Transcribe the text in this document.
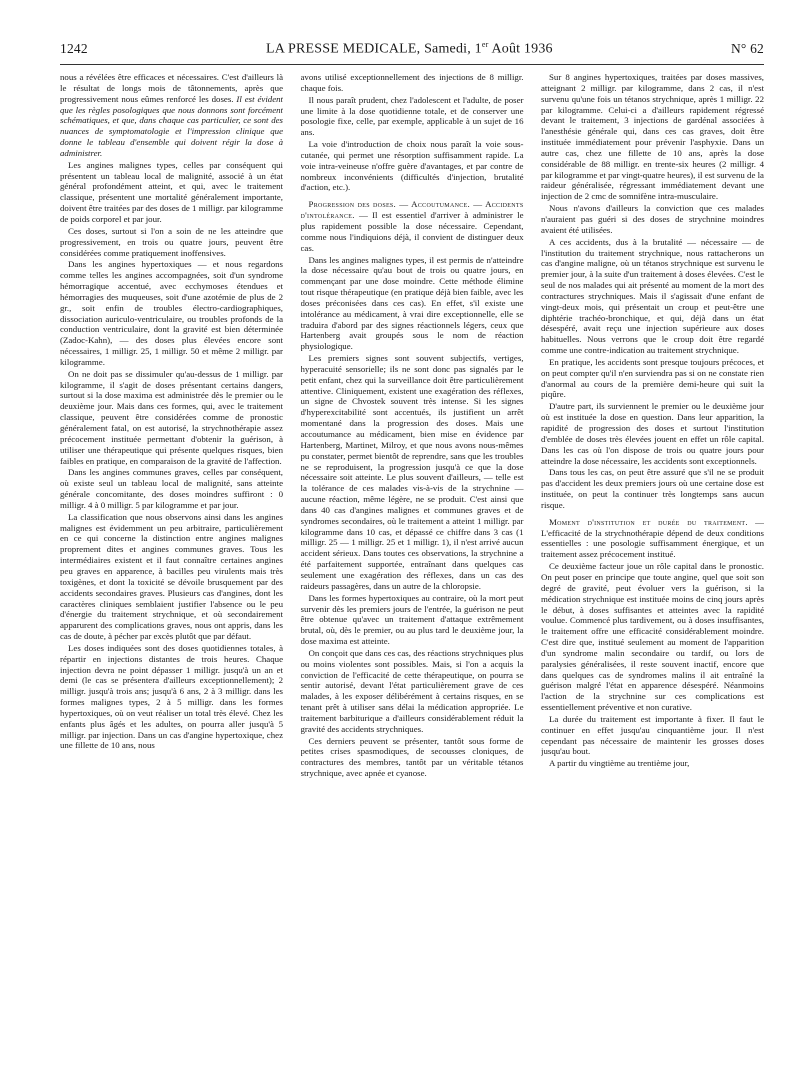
1242	LA PRESSE MEDICALE, Samedi, 1er Août 1936	N° 62

nous a révélées être efficaces et nécessaires. C'est d'ailleurs là le résultat de longs mois de tâtonnements, après que progressivement nous eûmes renforcé les doses. Il est évident que les règles posologiques que nous donnons sont forcément schématiques, et que, dans chaque cas particulier, ce sont des nuances de symptomatologie et l'impression clinique que donne le tableau d'ensemble qui doivent régir la dose à administrer.

Les angines malignes types, celles par conséquent qui présentent un tableau local de malignité, associé à un état général profondément atteint, et qui, avec le traitement classique, présentent une mortalité généralement importante, doivent être traitées par des doses de 1 milligr. par kilogramme de poids corporel et par jour.

Ces doses, surtout si l'on a soin de ne les atteindre que progressivement, en trois ou quatre jours, peuvent être considérées comme pratiquement inoffensives.

Dans les angines hypertoxiques — et nous regardons comme telles les angines accompagnées, soit d'un syndrome hémorragique accentué, avec ecchymoses étendues et hémorragies des muqueuses, soit d'une azotémie de plus de 2 gr., soit enfin de troubles électro-cardiographiques, dissociation auriculo-ventriculaire, ou troubles profonds de la conduction ventriculaire, dont la gravité est bien déterminée (Zadoc-Kahn), — des doses plus élevées encore sont nécessaires, 1 milligr. 25, 1 milligr. 50 et même 2 milligr. par kilogramme.

On ne doit pas se dissimuler qu'au-dessus de 1 milligr. par kilogramme, il s'agit de doses présentant certains dangers, surtout si la dose maxima est administrée dès le premier ou le deuxième jour. Mais dans ces formes, qui, avec le traitement classique, peuvent être considérées comme de pronostic généralement fatal, on est autorisé, la strychnothérapie assez précocement instituée permettant d'obtenir la guérison, à utiliser une thérapeutique qui présente quelques risques, bien faibles en pratique, en comparaison de la gravité de l'affection.

Dans les angines communes graves, celles par conséquent, où existe seul un tableau local de malignité, sans atteinte générale concomitante, des doses moindres suffiront : 0 milligr. 4 à 0 milligr. 5 par kilogramme et par jour.

La classification que nous observons ainsi dans les angines malignes est évidemment un peu arbitraire, particulièrement en ce qui concerne la distinction entre angines malignes proprement dites et angines communes graves. Tous les intermédiaires existent et il faut connaître certaines angines peu graves en apparence, à bacilles peu virulents mais très toxigènes, et dont la toxicité se dévoile brusquement par des accidents secondaires graves. Plusieurs cas d'angines, dont les caractères cliniques semblaient justifier l'absence ou le peu d'énergie du traitement strychnique, et où secondairement apparurent des complications graves, nous ont appris, dans les cas de doute, à pécher par excès plutôt que par défaut.

Les doses indiquées sont des doses quotidiennes totales, à répartir en injections distantes de trois heures. Chaque injection devra ne point dépasser 1 milligr. jusqu'à un an et demi (le cas se présentera d'ailleurs exceptionnellement); 2 milligr. jusqu'à trois ans; jusqu'à 6 ans, 2 à 3 milligr. dans les formes malignes types, 2 à 5 milligr. dans les formes hypertoxiques, où on veut réaliser un total très élevé. Chez les enfants plus âgés et les adultes, on pourra aller jusqu'à 5 milligr. par injection. Dans un cas d'angine hypertoxique, chez une fillette de 10 ans, nous

avons utilisé exceptionnellement des injections de 8 milligr. chaque fois.

Il nous paraît prudent, chez l'adolescent et l'adulte, de poser une limite à la dose quotidienne totale, et de conserver une posologie fixe, celle, par exemple, applicable à un sujet de 16 ans.

La voie d'introduction de choix nous paraît la voie sous-cutanée, qui permet une résorption suffisamment rapide. La voie intra-veineuse n'offre guère d'avantages, et par contre de nombreux inconvénients (difficultés d'injection, brutalité d'action, etc.).

Progression des doses. — Accoutumance. — Accidents d'intolérance. — Il est essentiel d'arriver à administrer le plus rapidement possible la dose nécessaire. Cependant, comme nous l'indiquions déjà, il convient de distinguer deux cas.

Dans les angines malignes types, il est permis de n'atteindre la dose nécessaire qu'au bout de trois ou quatre jours, en commençant par une dose moindre. Cette méthode élimine tout risque thérapeutique (en pratique déjà bien faible, avec les doses préconisées dans ces cas). En effet, s'il existe une intolérance au médicament, à vrai dire exceptionnelle, elle se traduira d'abord par des signes réactionnels légers, ceux que Hartenberg avait groupés sous le nom de réaction physiologique.

Les premiers signes sont souvent subjectifs, vertiges, hyperacuité sensorielle; ils ne sont donc pas signalés par le petit enfant, chez qui la surveillance doit être particulièrement attentive. Cliniquement, existent une exagération des réflexes, un signe de Chvostek souvent très intense. Si les signes d'hyperexcitabilité sont accentués, ils justifient un arrêt momentané dans la progression des doses. Mais une accoutumance au médicament, bien mise en évidence par Hartenberg, Martinet, Milroy, et que nous avons nous-mêmes pu constater, permet bientôt de reprendre, sans que les troubles ne se reproduisent, la progression jusqu'à ce que la dose nécessaire soit atteinte. Le plus souvent d'ailleurs, — telle est la tolérance de ces malades vis-à-vis de la strychnine — aucune réaction, même légère, ne se produit. C'est ainsi que dans 40 cas d'angines malignes et communes graves et de syndromes secondaires, où le traitement a atteint 1 milligr. par kilogramme dans 10 cas, et dépassé ce chiffre dans 3 cas (1 milligr. 25 — 1 milligr. 25 et 1 milligr. 1), il n'est arrivé aucun accident sérieux. Dans toutes ces observations, la strychnine a été parfaitement supportée, entraînant dans quelques cas seulement une exagération des réflexes, dans un cas des raideurs passagères, dans un autre de la chloropsie.

Dans les formes hypertoxiques au contraire, où la mort peut survenir dès les premiers jours de l'entrée, la guérison ne peut être obtenue qu'avec un traitement d'attaque extrêmement brutal, où, dès le premier, ou au plus tard le deuxième jour, la dose maxima est atteinte.

On conçoit que dans ces cas, des réactions strychniques plus ou moins violentes sont possibles. Mais, si l'on a acquis la conviction de l'efficacité de cette thérapeutique, on pourra se sentir autorisé, devant l'état particulièrement grave de ces malades, à les exposer délibérément à certains risques, en se tenant prêt à utiliser sans délai la médication appropriée. Le traitement barbiturique a d'ailleurs considérablement réduit la gravité des accidents strychniques.

Ces derniers peuvent se présenter, tantôt sous forme de petites crises spasmodiques, de secousses cloniques, de contractures des membres, tantôt par un véritable tétanos strychnique, avec apnée et cyanose.

Sur 8 angines hypertoxiques, traitées par doses massives, atteignant 2 milligr. par kilogramme, dans 2 cas, il n'est survenu qu'une fois un tétanos strychnique, après 1 milligr. 22 par kilogramme. Celui-ci a d'ailleurs rapidement régressé devant le traitement, 3 injections de gardénal associées à l'anesthésie générale qui, dans ces cas graves, doit être instituée immédiatement pour prévenir l'asphyxie. Dans un autre cas, chez une fillette de 10 ans, après la dose considérable de 88 milligr. en trente-six heures (2 milligr. 4 par kilogramme et par vingt-quatre heures), il est survenu de la raideur généralisée, régressant immédiatement devant une injection de 2 cmc de somnifène intra-musculaire.

Nous n'avons d'ailleurs la conviction que ces malades n'auraient pas guéri si des doses de strychnine moindres avaient été utilisées.

A ces accidents, dus à la brutalité — nécessaire — de l'institution du traitement strychnique, nous rattacherons un cas d'angine maligne, où un tétanos strychnique est survenu le premier jour, à la suite d'un traitement à doses élevées. C'est le seul de nos malades qui ait présenté au moment de la mort des contractures strychniques. Mais il s'agissait d'une enfant de vingt-deux mois, qui présentait un croup et peut-être une diphtérie trachéo-bronchique, et qui, déjà dans un état désespéré, avait reçu une injection supérieure aux doses habituelles. Nous verrons que le croup doit être regardé comme une contre-indication au traitement strychnique.

En pratique, les accidents sont presque toujours précoces, et on peut compter qu'il n'en surviendra pas si on ne constate rien d'anormal au cours de la première demi-heure qui suit la piqûre.

D'autre part, ils surviennent le premier ou le deuxième jour où est instituée la dose en question. Dans leur apparition, la rapidité de progression des doses et surtout l'institution d'emblée de doses très élevées jouent en effet un rôle capital. Dans les cas où l'on dispose de trois ou quatre jours pour atteindre la dose nécessaire, les accidents sont exceptionnels.

Dans tous les cas, on peut être assuré que s'il ne se produit pas d'accident les deux premiers jours où une certaine dose est instituée, on peut la continuer très longtemps sans aucun risque.

Moment d'institution et durée du traitement. — L'efficacité de la strychnothérapie dépend de deux conditions essentielles : une posologie suffisamment énergique, et un traitement assez précocement institué.

Ce deuxième facteur joue un rôle capital dans le pronostic. On peut poser en principe que toute angine, quel que soit son degré de gravité, peut évoluer vers la guérison, si la médication strychnique est instituée moins de cinq jours après le début, à doses suffisantes et atteintes avec la rapidité voulue. Commencé plus tardivement, ou à doses insuffisantes, le traitement offre une efficacité considérablement moindre. C'est dire que, institué seulement au moment de l'apparition d'un syndrome malin secondaire ou tardif, ou lors de paralysies généralisées, il reste souvent inactif, encore que dans quelques cas de syndromes malins il ait entraîné la guérison malgré l'état en apparence désespéré. Néanmoins l'action de la strychnine sur ces complications est essentiellement préventive et non curative.

La durée du traitement est importante à fixer. Il faut le continuer en effet jusqu'au cinquantième jour. Il n'est cependant pas nécessaire de maintenir les grosses doses jusqu'au bout.

A partir du vingtième au trentième jour,
